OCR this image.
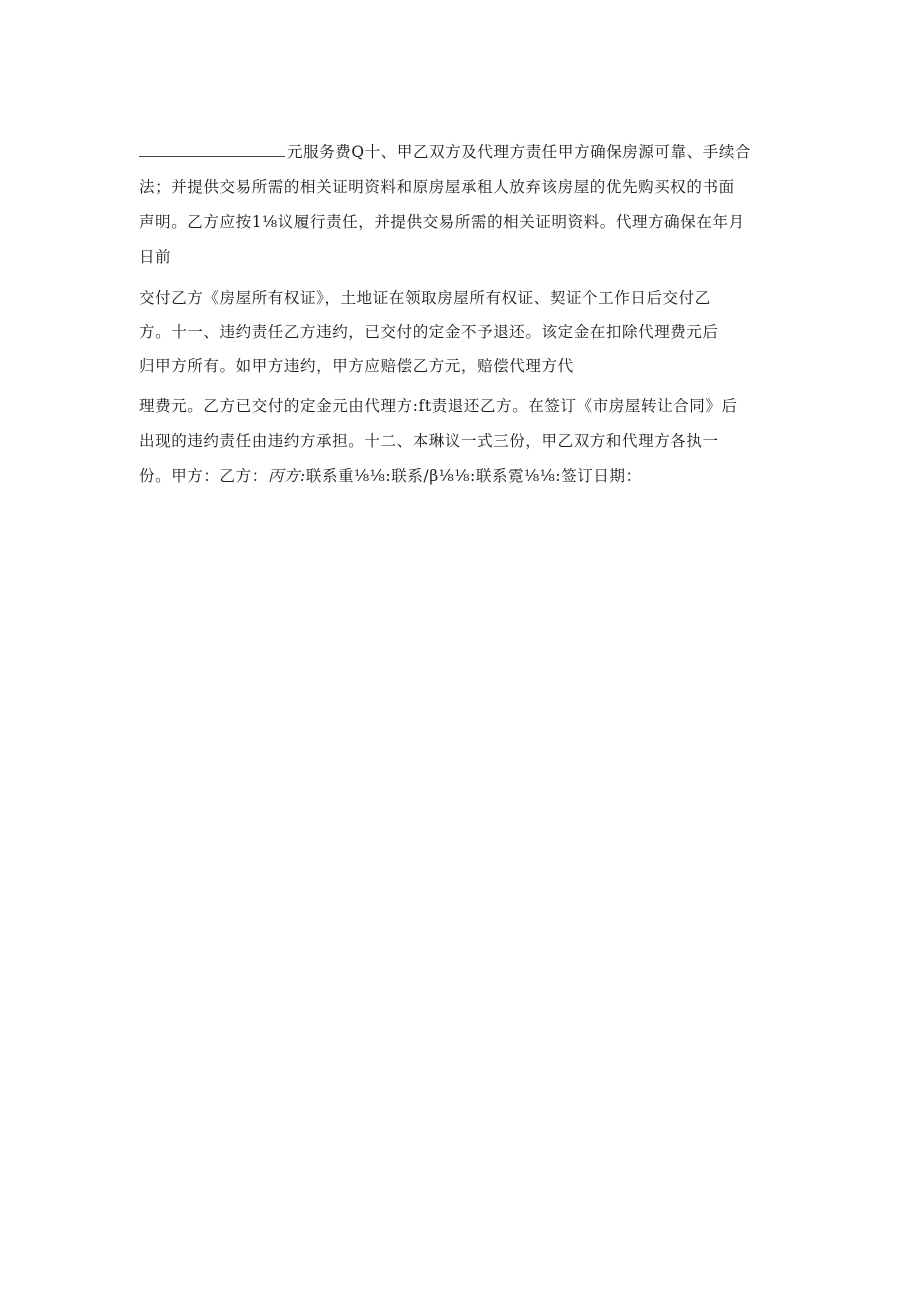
元服务费Q十、甲乙双方及代理方责任甲方确保房源可靠、手续合
法；并提供交易所需的相关证明资料和原房屋承租人放弃该房屋的优先购买权的书面
声明。乙方应按1⅛议履行责任，并提供交易所需的相关证明资料。代理方确保在年月
日前
交付乙方《房屋所有权证》，土地证在领取房屋所有权证、契证个工作日后交付乙
方。十一、违约责任乙方违约，已交付的定金不予退还。该定金在扣除代理费元后
归甲方所有。如甲方违约，甲方应赔偿乙方元，赔偿代理方代
理费元。乙方已交付的定金元由代理方:ft责退还乙方。在签订《市房屋转让合同》后
出现的违约责任由违约方承担。十二、本琳议一式三份，甲乙双方和代理方各执一
份。甲方：乙方：丙方:联系重⅛⅛:联系/β⅛⅛:联系霓⅛⅛:签订日期：
